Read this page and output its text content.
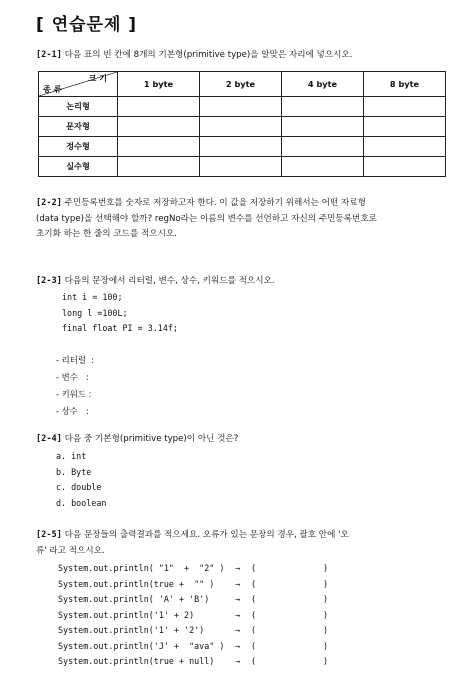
[ 연습문제 ]
[2-1] 다음 표의 빈 칸에 8개의 기본형(primitive type)을 알맞은 자리에 넣으시오.
크 기
종 류	1 byte	2 byte	4 byte	8 byte
논리형				
문자형				
정수형				
실수형				
[2-2] 주민등록번호를 숫자로 저장하고자 한다. 이 값을 저장하기 위해서는 어떤 자료형
(data type)을 선택해야 할까? regNo라는 이름의 변수를 선언하고 자신의 주민등록번호로
초기화 하는 한 줄의 코드를 적으시오.
[2-3] 다음의 문장에서 리터럴, 변수, 상수, 키워드를 적으시오.
int i = 100;
long l =100L;
final float PI = 3.14f;
- 리터럴  :
- 변수   :
- 키워드 :
- 상수   :
[2-4] 다음 중 기본형(primitive type)이 아닌 것은?
a. int
b. Byte
c. double
d. boolean
[2-5] 다음 문장들의 출력결과를 적으세요. 오류가 있는 문장의 경우, 괄호 안에 '오
류' 라고 적으시오.
System.out.println( "1"  +  "2" )	→	(	)
System.out.println(true +  "" )	→	(	)
System.out.println( 'A' + 'B')	→	(	)
System.out.println('1' + 2)	→	(	)
System.out.println('1' + '2')	→	(	)
System.out.println('J' +  "ava" )	→	(	)
System.out.println(true + null)	→	(	)
